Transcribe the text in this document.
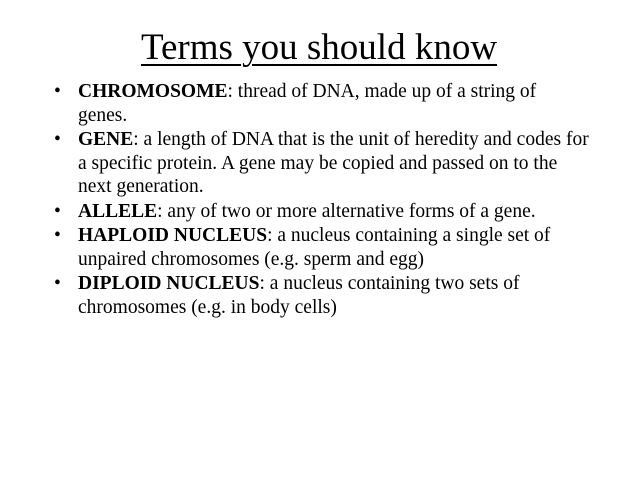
Terms you should know
• CHROMOSOME: thread of DNA, made up of a string of genes.
• GENE: a length of DNA that is the unit of heredity and codes for a specific protein. A gene may be copied and passed on to the next generation.
• ALLELE: any of two or more alternative forms of a gene.
• HAPLOID NUCLEUS: a nucleus containing a single set of unpaired chromosomes (e.g. sperm and egg)
• DIPLOID NUCLEUS: a nucleus containing two sets of chromosomes (e.g. in body cells)
